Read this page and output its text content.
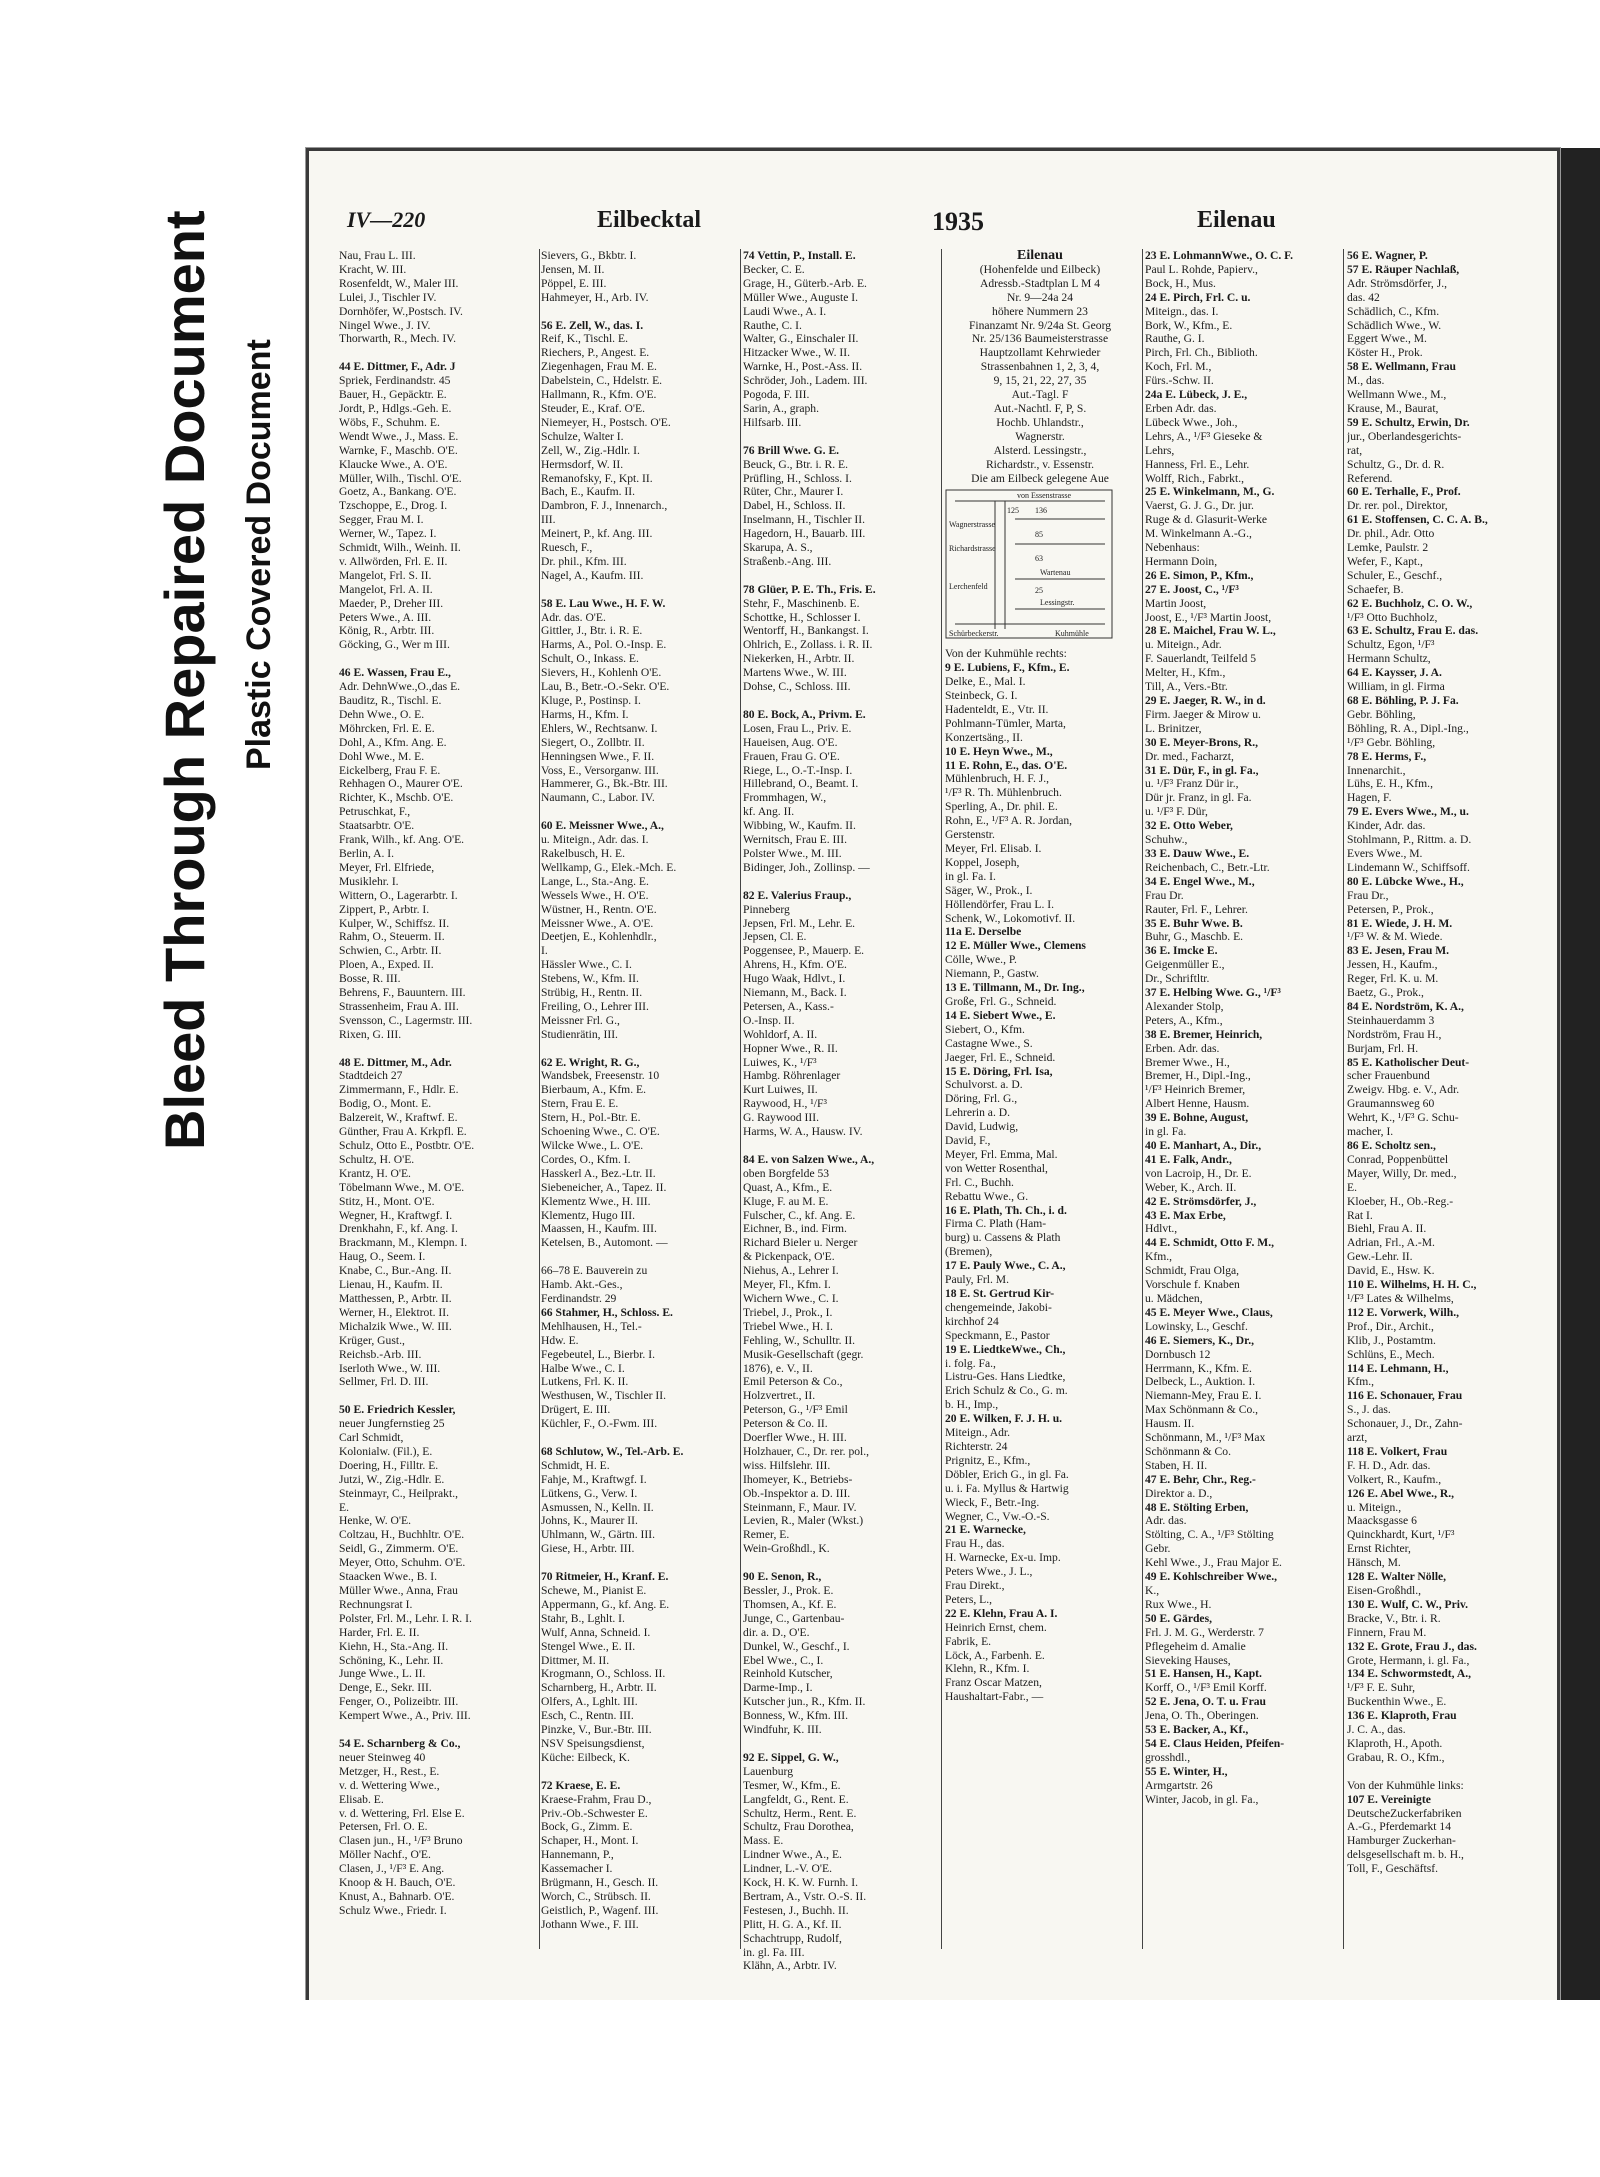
Bleed Through Repaired Document Plastic Covered Document
IV—220	Eilbecktal	1935	Eilenau
Nau, Frau L. III.
Kracht, W. III.
Rosenfeldt, W., Maler III.
Lulei, J., Tischler IV.
Dornhöfer, W.,Postsch. IV.
Ningel Wwe., J. IV.
Thorwarth, R., Mech. IV.

44 E. Dittmer, F., Adr. J
Spriek, Ferdinandstr. 45
Bauer, H., Gepäcktr. E.
Jordt, P., Hdlgs.-Geh. E.
Wöbs, F., Schuhm. E.
Wendt Wwe., J., Mass. E.
Warnke, F., Maschb. O'E.
Klaucke Wwe., A. O'E.
Müller, Wilh., Tischl. O'E.
Goetz, A., Bankang. O'E.
Tzschoppe, E., Drog. I.
Segger, Frau M. I.
Werner, W., Tapez. I.
Schmidt, Wilh., Weinh. II.
v. Allwörden, Frl. E. II.
Mangelot, Frl. S. II.
Mangelot, Frl. A. II.
Maeder, P., Dreher III.
Peters Wwe., A. III.
König, R., Arbtr. III.
Göcking, G., Wer m III.

46 E. Wassen, Frau E.,
Adr. DehnWwe.,O.,das E.
Bauditz, R., Tischl. E.
Dehn Wwe., O. E.
Möhrcken, Frl. E. E.
Dohl, A., Kfm. Ang. E.
Dohl Wwe., M. E.
Eickelberg, Frau F. E.
Rehhagen O., Maurer O'E.
Richter, K., Mschb. O'E.
Petruschkat, F.,
Staatsarbtr. O'E.
Frank, Wilh., kf. Ang. O'E.
Berlin, A. I.
Meyer, Frl. Elfriede,
Musiklehr. I.
Wittern, O., Lagerarbtr. I.
Zippert, P., Arbtr. I.
Kulper, W., Schiffsz. II.
Rahm, O., Steuerm. II.
Schwien, C., Arbtr. II.
Ploen, A., Exped. II.
Bosse, R. III.
Behrens, F., Bauuntern. III.
Strassenheim, Frau A. III.
Svensson, C., Lagermstr. III.
Rixen, G. III.

48 E. Dittmer, M., Adr.
Stadtdeich 27
Zimmermann, F., Hdlr. E.
Bodig, O., Mont. E.
Balzereit, W., Kraftwf. E.
Günther, Frau A. Krkpfl. E.
Schulz, Otto E., Postbtr. O'E.
Schultz, H. O'E.
Krantz, H. O'E.
Töbelmann Wwe., M. O'E.
Stitz, H., Mont. O'E.
Wegner, H., Kraftwgf. I.
Drenkhahn, F., kf. Ang. I.
Brackmann, M., Klempn. I.
Haug, O., Seem. I.
Knabe, C., Bur.-Ang. II.
Lienau, H., Kaufm. II.
Matthessen, P., Arbtr. II.
Werner, H., Elektrot. II.
Michalzik Wwe., W. III.
Krüger, Gust.,
Reichsb.-Arb. III.
Iserloth Wwe., W. III.
Sellmer, Frl. D. III.

50 E. Friedrich Kessler,
neuer Jungfernstieg 25
Carl Schmidt,
Kolonialw. (Fil.), E.
Doering, H., Filltr. E.
Jutzi, W., Zig.-Hdlr. E.
Steinmayr, C., Heilprakt.,
E.
Henke, W. O'E.
Coltzau, H., Buchhltr. O'E.
Seidl, G., Zimmerm. O'E.
Meyer, Otto, Schuhm. O'E.
Staacken Wwe., B. I.
Müller Wwe., Anna, Frau
Rechnungsrat I.
Polster, Frl. M., Lehr. I. R. I.
Harder, Frl. E. II.
Kiehn, H., Sta.-Ang. II.
Schöning, K., Lehr. II.
Junge Wwe., L. II.
Denge, E., Sekr. III.
Fenger, O., Polizeibtr. III.
Kempert Wwe., A., Priv. III.

54 E. Scharnberg & Co.,
neuer Steinweg 40
Metzger, H., Rest., E.
v. d. Wettering Wwe.,
Elisab. E.
v. d. Wettering, Frl. Else E.
Petersen, Frl. O. E.
Clasen jun., H., ¹/F³ Bruno
Möller Nachf., O'E.
Clasen, J., ¹/F³ E. Ang.
Knoop & H. Bauch, O'E.
Knust, A., Bahnarb. O'E.
Schulz Wwe., Friedr. I.
Sievers, G., Bkbtr. I.
Jensen, M. II.
Pöppel, E. III.
Hahmeyer, H., Arb. IV.

56 E. Zell, W., das. I.
Reif, K., Tischl. E.
Riechers, P., Angest. E.
Ziegenhagen, Frau M. E.
Dabelstein, C., Hdelstr. E.
Hallmann, R., Kfm. O'E.
Steuder, E., Kraf. O'E.
Niemeyer, H., Postsch. O'E.
Schulze, Walter I.
Zell, W., Zig.-Hdlr. I.
Hermsdorf, W. II.
Remanofsky, F., Kpt. II.
Bach, E., Kaufm. II.
Dambron, F. J., Innenarch.,
III.
Meinert, P., kf. Ang. III.
Ruesch, F.,
Dr. phil., Kfm. III.
Nagel, A., Kaufm. III.

58 E. Lau Wwe., H. F. W.
Adr. das. O'E.
Gittler, J., Btr. i. R. E.
Harms, A., Pol. O.-Insp. E.
Schult, O., Inkass. E.
Sievers, H., Kohlenh O'E.
Lau, B., Betr.-O.-Sekr. O'E.
Kluge, P., Postinsp. I.
Harms, H., Kfm. I.
Ehlers, W., Rechtsanw. I.
Siegert, O., Zollbtr. II.
Henningsen Wwe., F. II.
Voss, E., Versorganw. III.
Hammerer, G., Bk.-Btr. III.
Naumann, C., Labor. IV.

60 E. Meissner Wwe., A.,
u. Miteign., Adr. das. I.
Rakelbusch, H. E.
Wellkamp, G., Elek.-Mch. E.
Lange, L., Sta.-Ang. E.
Wessels Wwe., H. O'E.
Wüstner, H., Rentn. O'E.
Meissner Wwe., A. O'E.
Deetjen, E., Kohlenhdlr.,
I.
Hässler Wwe., C. I.
Stebens, W., Kfm. II.
Strübig, H., Rentn. II.
Freiling, O., Lehrer III.
Meissner Frl. G.,
Studienrätin, III.

62 E. Wright, R. G.,
Wandsbek, Freesenstr. 10
Bierbaum, A., Kfm. E.
Stern, Frau E. E.
Stern, H., Pol.-Btr. E.
Schoening Wwe., C. O'E.
Wilcke Wwe., L. O'E.
Cordes, O., Kfm. I.
Hasskerl A., Bez.-Ltr. II.
Siebeneicher, A., Tapez. II.
Klementz Wwe., H. III.
Klementz, Hugo III.
Maassen, H., Kaufm. III.
Ketelsen, B., Automont. —

66–78 E. Bauverein zu
Hamb. Akt.-Ges.,
Ferdinandstr. 29
66 Stahmer, H., Schloss. E.
Mehlhausen, H., Tel.-
Hdw. E.
Fegebeutel, L., Bierbr. I.
Halbe Wwe., C. I.
Lutkens, Frl. K. II.
Westhusen, W., Tischler II.
Drügert, E. III.
Küchler, F., O.-Fwm. III.

68 Schlutow, W., Tel.-Arb. E.
Schmidt, H. E.
Fahje, M., Kraftwgf. I.
Lütkens, G., Verw. I.
Asmussen, N., Kelln. II.
Johns, K., Maurer II.
Uhlmann, W., Gärtn. III.
Giese, H., Arbtr. III.

70 Ritmeier, H., Kranf. E.
Schewe, M., Pianist E.
Appermann, G., kf. Ang. E.
Stahr, B., Lghlt. I.
Wulf, Anna, Schneid. I.
Stengel Wwe., E. II.
Dittmer, M. II.
Krogmann, O., Schloss. II.
Scharnberg, H., Arbtr. II.
Olfers, A., Lghlt. III.
Esch, C., Rentn. III.
Pinzke, V., Bur.-Btr. III.
NSV Speisungsdienst,
Küche: Eilbeck, K.

72 Kraese, E. E.
Kraese-Frahm, Frau D.,
Priv.-Ob.-Schwester E.
Bock, G., Zimm. E.
Schaper, H., Mont. I.
Hannemann, P.,
Kassemacher I.
Brügmann, H., Gesch. II.
Worch, C., Strübsch. II.
Geistlich, P., Wagenf. III.
Jothann Wwe., F. III.
74 Vettin, P., Install. E.
Becker, C. E.
Grage, H., Güterb.-Arb. E.
Müller Wwe., Auguste I.
Laudi Wwe., A. I.
Rauthe, C. I.
Walter, G., Einschaler II.
Hitzacker Wwe., W. II.
Warnke, H., Post.-Ass. II.
Schröder, Joh., Ladem. III.
Pogoda, F. III.
Sarin, A., graph.
Hilfsarb. III.

76 Brill Wwe. G. E.
Beuck, G., Btr. i. R. E.
Prüfling, H., Schloss. I.
Rüter, Chr., Maurer I.
Dabel, H., Schloss. II.
Inselmann, H., Tischler II.
Hagedorn, H., Bauarb. III.
Skarupa, A. S.,
Straßenb.-Ang. III.

78 Glüer, P. E. Th., Fris. E.
Stehr, F., Maschinenb. E.
Schottke, H., Schlosser I.
Wentorff, H., Bankangst. I.
Ohlrich, E., Zollass. i. R. II.
Niekerken, H., Arbtr. II.
Martens Wwe., W. III.
Dohse, C., Schloss. III.

80 E. Bock, A., Privm. E.
Losen, Frau L., Priv. E.
Haueisen, Aug. O'E.
Frauen, Frau G. O'E.
Riege, L., O.-T.-Insp. I.
Hillebrand, O., Beamt. I.
Frommhagen, W.,
kf. Ang. II.
Wibbing, W., Kaufm. II.
Wernitsch, Frau E. III.
Polster Wwe., M. III.
Bidinger, Joh., Zollinsp. —

82 E. Valerius Fraup.,
Pinneberg
Jepsen, Frl. M., Lehr. E.
Jepsen, Cl. E.
Poggensee, P., Mauerp. E.
Ahrens, H., Kfm. O'E.
Hugo Waak, Hdlvt., I.
Niemann, M., Back. I.
Petersen, A., Kass.-
O.-Insp. II.
Wohldorf, A. II.
Hopner Wwe., R. II.
Luiwes, K., ¹/F³
Hambg. Röhrenlager
Kurt Luiwes, II.
Raywood, H., ¹/F³
G. Raywood III.
Harms, W. A., Hausw. IV.

84 E. von Salzen Wwe., A.,
oben Borgfelde 53
Quast, A., Kfm., E.
Kluge, F. au M. E.
Fulscher, C., kf. Ang. E.
Eichner, B., ind. Firm.
Richard Bieler u. Nerger
& Pickenpack, O'E.
Niehus, A., Lehrer I.
Meyer, Fl., Kfm. I.
Wichern Wwe., C. I.
Triebel, J., Prok., I.
Triebel Wwe., H. I.
Fehling, W., Schulltr. II.
Musik-Gesellschaft (gegr.
1876), e. V., II.
Emil Peterson & Co.,
Holzvertret., II.
Peterson, G., ¹/F³ Emil
Peterson & Co. II.
Doerfler Wwe., H. III.
Holzhauer, C., Dr. rer. pol.,
wiss. Hilfslehr. III.
Ihomeyer, K., Betriebs-
Ob.-Inspektor a. D. III.
Steinmann, F., Maur. IV.
Levien, R., Maler (Wkst.)
Remer, E.
Wein-Großhdl., K.

90 E. Senon, R.,
Bessler, J., Prok. E.
Thomsen, A., Kf. E.
Junge, C., Gartenbau-
dir. a. D., O'E.
Dunkel, W., Geschf., I.
Ebel Wwe., C., I.
Reinhold Kutscher,
Darme-Imp., I.
Kutscher jun., R., Kfm. II.
Bonness, W., Kfm. III.
Windfuhr, K. III.

92 E. Sippel, G. W.,
Lauenburg
Tesmer, W., Kfm., E.
Langfeldt, G., Rent. E.
Schultz, Herm., Rent. E.
Schultz, Frau Dorothea,
Mass. E.
Lindner Wwe., A., E.
Lindner, L.-V. O'E.
Kock, H. K. W. Furnh. I.
Bertram, A., Vstr. O.-S. II.
Festesen, J., Buchh. II.
Plitt, H. G. A., Kf. II.
Schachtrupp, Rudolf,
in. gl. Fa. III.
Klähn, A., Arbtr. IV.
Eilenau
(Hohenfelde und Eilbeck)
Adressb.-Stadtplan L M 4
Nr. 9—24a 24
höhere Nummern 23
Finanzamt Nr. 9/24a St. Georg
Nr. 25/136 Baumeisterstrasse
Hauptzollamt Kehrwieder
Strassenbahnen 1, 2, 3, 4,
9, 15, 21, 22, 27, 35
Aut.-Tagl. F
Aut.-Nachtl. F, P, S.
Hochb. Uhlandstr.,
Wagnerstr.
Alsterd. Lessingstr.,
Richardstr., v. Essenstr.
Die am Eilbeck gelegene Aue
von Essenstrasse
Wagnerstrasse
Richardstrasse
Wartenau
Lerchenfeld
Lessingstr.
Schürbeckerstr.	Kuhmühle
125 136
85
63
25
Von der Kuhmühle rechts:
9 E. Lubiens, F., Kfm., E.
Delke, E., Mal. I.
Steinbeck, G. I.
Hadenteldt, E., Vtr. II.
Pohlmann-Tümler, Marta,
Konzertsäng., II.
10 E. Heyn Wwe., M.,
11 E. Rohn, E., das. O'E.
Mühlenbruch, H. F. J.,
¹/F³ R. Th. Mühlenbruch.
Sperling, A., Dr. phil. E.
Rohn, E., ¹/F³ A. R. Jordan,
Gerstenstr.
Meyer, Frl. Elisab. I.
Koppel, Joseph,
in gl. Fa. I.
Säger, W., Prok., I.
Höllendörfer, Frau L. I.
Schenk, W., Lokomotivf. II.
11a E. Derselbe
12 E. Müller Wwe., Clemens
Cölle, Wwe., P.
Niemann, P., Gastw.
13 E. Tillmann, M., Dr. Ing.,
Große, Frl. G., Schneid.
14 E. Siebert Wwe., E.
Siebert, O., Kfm.
Castagne Wwe., S.
Jaeger, Frl. E., Schneid.
15 E. Döring, Frl. Isa,
Schulvorst. a. D.
Döring, Frl. G.,
Lehrerin a. D.
David, Ludwig,
David, F.,
Meyer, Frl. Emma, Mal.
von Wetter Rosenthal,
Frl. C., Buchh.
Rebattu Wwe., G.
16 E. Plath, Th. Ch., i. d.
Firma C. Plath (Ham-
burg) u. Cassens & Plath
(Bremen),
17 E. Pauly Wwe., C. A.,
Pauly, Frl. M.
18 E. St. Gertrud Kir-
chengemeinde, Jakobi-
kirchhof 24
Speckmann, E., Pastor
19 E. LiedtkeWwe., Ch.,
i. folg. Fa.,
Listru-Ges. Hans Liedtke,
Erich Schulz & Co., G. m.
b. H., Imp.,
20 E. Wilken, F. J. H. u.
Miteign., Adr.
Richterstr. 24
Prignitz, E., Kfm.,
Döbler, Erich G., in gl. Fa.
u. i. Fa. Myllus & Hartwig
Wieck, F., Betr.-Ing.
Wegner, C., Vw.-O.-S.
21 E. Warnecke,
Frau H., das.
H. Warnecke, Ex-u. Imp.
Peters Wwe., J. L.,
Frau Direkt.,
Peters, L.,
22 E. Klehn, Frau A. I.
Heinrich Ernst, chem.
Fabrik, E.
Löck, A., Farbenh. E.
Klehn, R., Kfm. I.
Franz Oscar Matzen,
Haushaltart-Fabr., —
23 E. LohmannWwe., O. C. F.
Paul L. Rohde, Papierv.,
Bock, H., Mus.
24 E. Pirch, Frl. C. u.
Miteign., das. I.
Bork, W., Kfm., E.
Rauthe, G. I.
Pirch, Frl. Ch., Biblioth.
Koch, Frl. M.,
Fürs.-Schw. II.
24a E. Lübeck, J. E.,
Erben Adr. das.
Lübeck Wwe., Joh.,
Lehrs, A., ¹/F³ Gieseke &
Lehrs,
Hanness, Frl. E., Lehr.
Wolff, Rich., Fabrkt.,
25 E. Winkelmann, M., G.
Vaerst, G. J. G., Dr. jur.
Ruge & d. Glasurit-Werke
M. Winkelmann A.-G.,
Nebenhaus:
Hermann Doin,
26 E. Simon, P., Kfm.,
27 E. Joost, C., ¹/F³
Martin Joost,
Joost, E., ¹/F³ Martin Joost,
28 E. Maichel, Frau W. L.,
u. Miteign., Adr.
F. Sauerlandt, Teilfeld 5
Melter, H., Kfm.,
Till, A., Vers.-Btr.
29 E. Jaeger, R. W., in d.
Firm. Jaeger & Mirow u.
L. Brinitzer,
30 E. Meyer-Brons, R.,
Dr. med., Facharzt,
31 E. Dür, F., in gl. Fa.,
u. ¹/F³ Franz Dür ir.,
Dür jr. Franz, in gl. Fa.
u. ¹/F³ F. Dür,
32 E. Otto Weber,
Schuhw.,
33 E. Dauw Wwe., E.
Reichenbach, C., Betr.-Ltr.
34 E. Engel Wwe., M.,
Frau Dr.
Rauter, Frl. F., Lehrer.
35 E. Buhr Wwe. B.
Buhr, G., Maschb. E.
36 E. Imcke E.
Geigenmüller E.,
Dr., Schriftltr.
37 E. Helbing Wwe. G., ¹/F³
Alexander Stolp,
Peters, A., Kfm.,
38 E. Bremer, Heinrich,
Erben. Adr. das.
Bremer Wwe., H.,
Bremer, H., Dipl.-Ing.,
¹/F³ Heinrich Bremer,
Albert Henne, Hausm.
39 E. Bohne, August,
in gl. Fa.
40 E. Manhart, A., Dir.,
41 E. Falk, Andr.,
von Lacroip, H., Dr. E.
Weber, K., Arch. II.
42 E. Strömsdörfer, J.,
43 E. Max Erbe,
Hdlvt.,
44 E. Schmidt, Otto F. M.,
Kfm.,
Schmidt, Frau Olga,
Vorschule f. Knaben
u. Mädchen,
45 E. Meyer Wwe., Claus,
Lowinsky, L., Geschf.
46 E. Siemers, K., Dr.,
Dornbusch 12
Herrmann, K., Kfm. E.
Delbeck, L., Auktion. I.
Niemann-Mey, Frau E. I.
Max Schönmann & Co.,
Hausm. II.
Schönmann, M., ¹/F³ Max
Schönmann & Co.
Staben, H. II.
47 E. Behr, Chr., Reg.-
Direktor a. D.,
48 E. Stölting Erben,
Adr. das.
Stölting, C. A., ¹/F³ Stölting
Gebr.
Kehl Wwe., J., Frau Major E.
49 E. Kohlschreiber Wwe.,
K.,
Rux Wwe., H.
50 E. Gärdes,
Frl. J. M. G., Werderstr. 7
Pflegeheim d. Amalie
Sieveking Hauses,
51 E. Hansen, H., Kapt.
Korff, O., ¹/F³ Emil Korff.
52 E. Jena, O. T. u. Frau
Jena, O. Th., Oberingen.
53 E. Backer, A., Kf.,
54 E. Claus Heiden, Pfeifen-
grosshdl.,
55 E. Winter, H.,
Armgartstr. 26
Winter, Jacob, in gl. Fa.,
56 E. Wagner, P.
57 E. Räuper Nachlaß,
Adr. Strömsdörfer, J.,
das. 42
Schädlich, C., Kfm.
Schädlich Wwe., W.
Eggert Wwe., M.
Köster H., Prok.
58 E. Wellmann, Frau
M., das.
Wellmann Wwe., M.,
Krause, M., Baurat,
59 E. Schultz, Erwin, Dr.
jur., Oberlandesgerichts-
rat,
Schultz, G., Dr. d. R.
Referend.
60 E. Terhalle, F., Prof.
Dr. rer. pol., Direktor,
61 E. Stoffensen, C. C. A. B.,
Dr. phil., Adr. Otto
Lemke, Paulstr. 2
Wefer, F., Kapt.,
Schuler, E., Geschf.,
Schaefer, B.
62 E. Buchholz, C. O. W.,
¹/F³ Otto Buchholz,
63 E. Schultz, Frau E. das.
Schultz, Egon, ¹/F³
Hermann Schultz,
64 E. Kaysser, J. A.
William, in gl. Firma
68 E. Böhling, P. J. Fa.
Gebr. Böhling,
Böhling, R. A., Dipl.-Ing.,
¹/F³ Gebr. Böhling,
78 E. Herms, F.,
Innenarchit.,
Lühs, E. H., Kfm.,
Hagen, F.
79 E. Evers Wwe., M., u.
Kinder, Adr. das.
Stohlmann, P., Rittm. a. D.
Evers Wwe., M.
Lindemann W., Schiffsoff.
80 E. Lübcke Wwe., H.,
Frau Dr.,
Petersen, P., Prok.,
81 E. Wiede, J. H. M.
¹/F³ W. & M. Wiede.
83 E. Jesen, Frau M.
Jessen, H., Kaufm.,
Reger, Frl. K. u. M.
Baetz, G., Prok.,
84 E. Nordström, K. A.,
Steinhauerdamm 3
Nordström, Frau H.,
Burjam, Frl. H.
85 E. Katholischer Deut-
scher Frauenbund
Zweigv. Hbg. e. V., Adr.
Graumannsweg 60
Wehrt, K., ¹/F³ G. Schu-
macher, I.
86 E. Scholtz sen.,
Conrad, Poppenbüttel
Mayer, Willy, Dr. med.,
E.
Kloeber, H., Ob.-Reg.-
Rat I.
Biehl, Frau A. II.
Adrian, Frl., A.-M.
Gew.-Lehr. II.
David, E., Hsw. K.
110 E. Wilhelms, H. H. C.,
¹/F³ Lates & Wilhelms,
112 E. Vorwerk, Wilh.,
Prof., Dir., Archit.,
Klib, J., Postamtm.
Schlüns, E., Mech.
114 E. Lehmann, H.,
Kfm.,
116 E. Schonauer, Frau
S., J. das.
Schonauer, J., Dr., Zahn-
arzt,
118 E. Volkert, Frau
F. H. D., Adr. das.
Volkert, R., Kaufm.,
126 E. Abel Wwe., R.,
u. Miteign.,
Maacksgasse 6
Quinckhardt, Kurt, ¹/F³
Ernst Richter,
Hänsch, M.
128 E. Walter Nölle,
Eisen-Großhdl.,
130 E. Wulf, C. W., Priv.
Bracke, V., Btr. i. R.
Finnern, Frau M.
132 E. Grote, Frau J., das.
Grote, Hermann, i. gl. Fa.,
134 E. Schwormstedt, A.,
¹/F³ F. E. Suhr,
Buckenthin Wwe., E.
136 E. Klaproth, Frau
J. C. A., das.
Klaproth, H., Apoth.
Grabau, R. O., Kfm.,

Von der Kuhmühle links:
107 E. Vereinigte
DeutscheZuckerfabriken
A.-G., Pferdemarkt 14
Hamburger Zuckerhan-
delsgesellschaft m. b. H.,
Toll, F., Geschäftsf.
